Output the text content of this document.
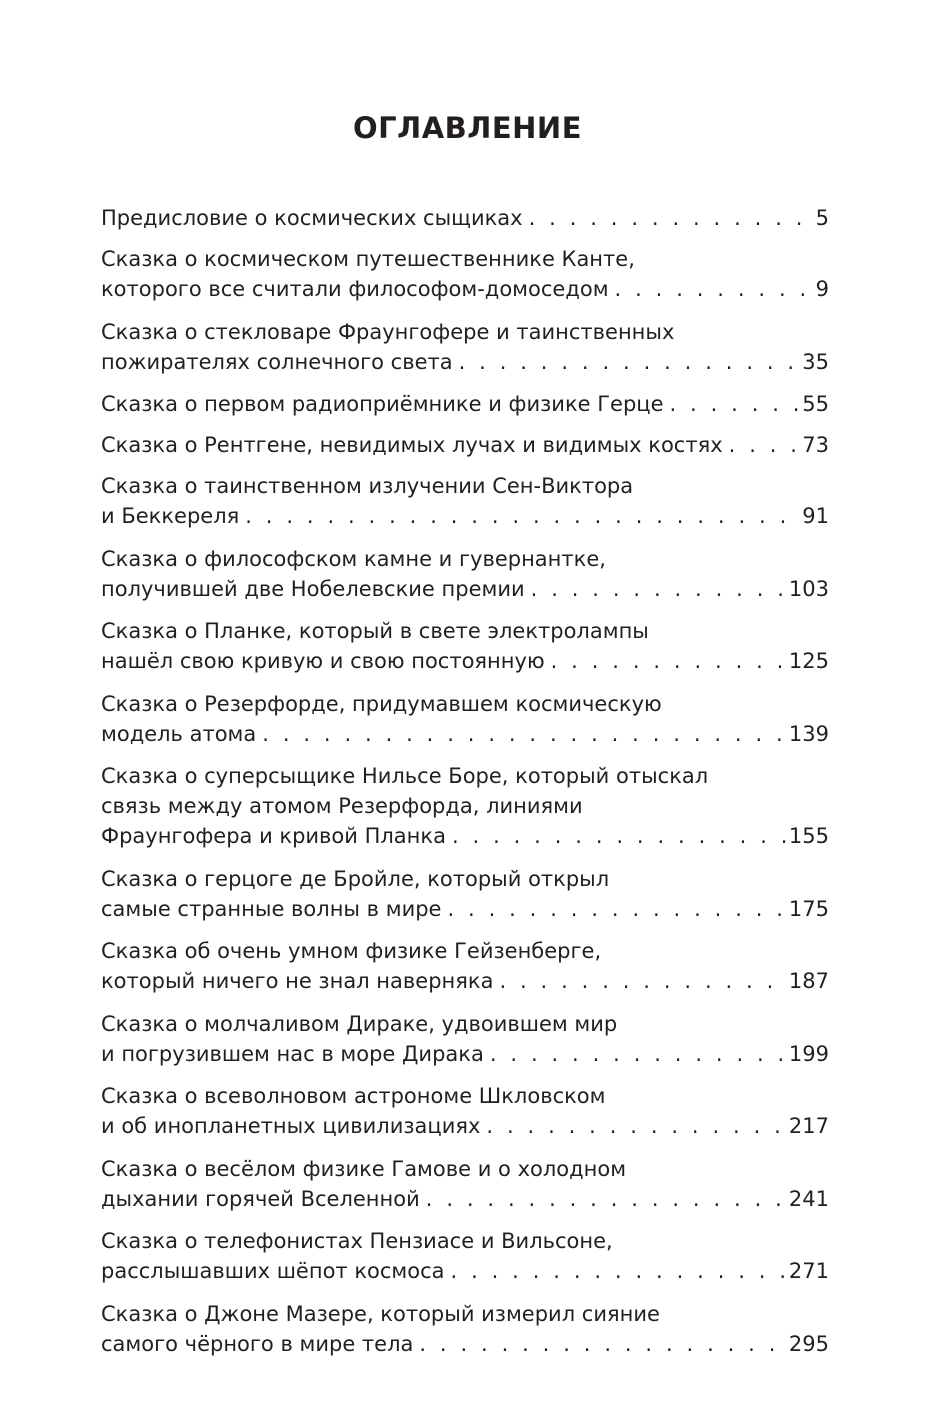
ОГЛАВЛЕНИЕ
Предисловие о космических сыщиках . . .	5
Сказка о космическом путешественнике Канте,
которого все считали философом-домоседом . . .	9
Сказка о стекловаре Фраунгофере и таинственных
пожирателях солнечного света . . .	35
Сказка о первом радиоприёмнике и физике Герце . . .	55
Сказка о Рентгене, невидимых лучах и видимых костях . . .	73
Сказка о таинственном излучении Сен-Виктора
и Беккереля . . .	91
Сказка о философском камне и гувернантке,
получившей две Нобелевские премии . . .	103
Сказка о Планке, который в свете электролампы
нашёл свою кривую и свою постоянную . . .	125
Сказка о Резерфорде, придумавшем космическую
модель атома . . .	139
Сказка о суперсыщике Нильсе Боре, который отыскал
связь между атомом Резерфорда, линиями
Фраунгофера и кривой Планка . . .	155
Сказка о герцоге де Бройле, который открыл
самые странные волны в мире . . .	175
Сказка об очень умном физике Гейзенберге,
который ничего не знал наверняка . . .	187
Сказка о молчаливом Дираке, удвоившем мир
и погрузившем нас в море Дирака . . .	199
Сказка о всеволновом астрономе Шкловском
и об инопланетных цивилизациях . . .	217
Сказка о весёлом физике Гамове и о холодном
дыхании горячей Вселенной . . .	241
Сказка о телефонистах Пензиасе и Вильсоне,
расслышавших шёпот космоса . . .	271
Сказка о Джоне Мазере, который измерил сияние
самого чёрного в мире тела . . .	295
